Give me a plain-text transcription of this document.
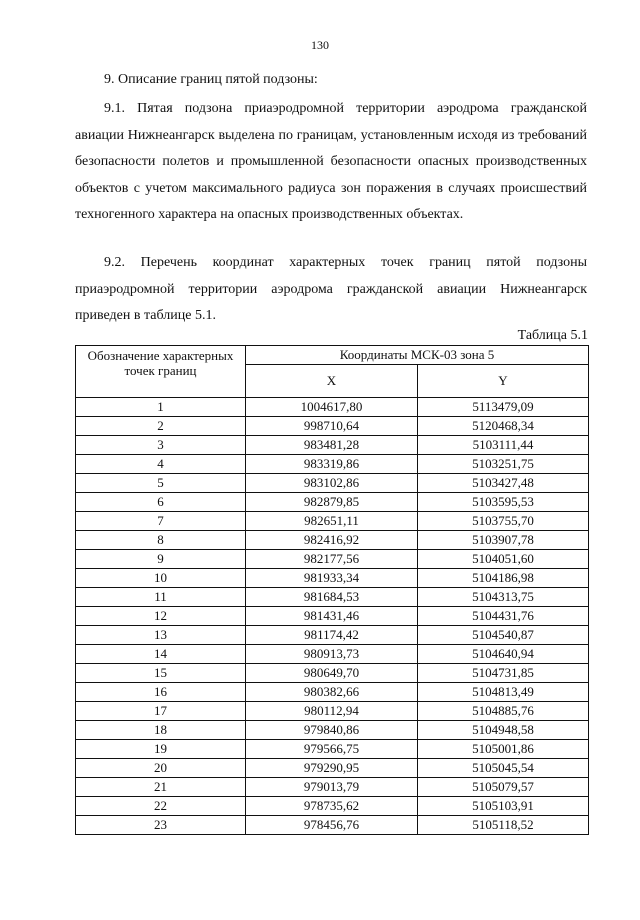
130
9. Описание границ пятой подзоны:

9.1. Пятая подзона приаэродромной территории аэродрома гражданской авиации Нижнеангарск выделена по границам, установленным исходя из требований безопасности полетов и промышленной безопасности опасных производственных объектов с учетом максимального радиуса зон поражения в случаях происшествий техногенного характера на опасных производственных объектах.

9.2. Перечень координат характерных точек границ пятой подзоны приаэродромной территории аэродрома гражданской авиации Нижнеангарск приведен в таблице 5.1.

Таблица 5.1
Обозначение характерных точек границ	Координаты МСК-03 зона 5	
	X	Y
1	1004617,80	5113479,09
2	998710,64	5120468,34
3	983481,28	5103111,44
4	983319,86	5103251,75
5	983102,86	5103427,48
6	982879,85	5103595,53
7	982651,11	5103755,70
8	982416,92	5103907,78
9	982177,56	5104051,60
10	981933,34	5104186,98
11	981684,53	5104313,75
12	981431,46	5104431,76
13	981174,42	5104540,87
14	980913,73	5104640,94
15	980649,70	5104731,85
16	980382,66	5104813,49
17	980112,94	5104885,76
18	979840,86	5104948,58
19	979566,75	5105001,86
20	979290,95	5105045,54
21	979013,79	5105079,57
22	978735,62	5105103,91
23	978456,76	5105118,52
